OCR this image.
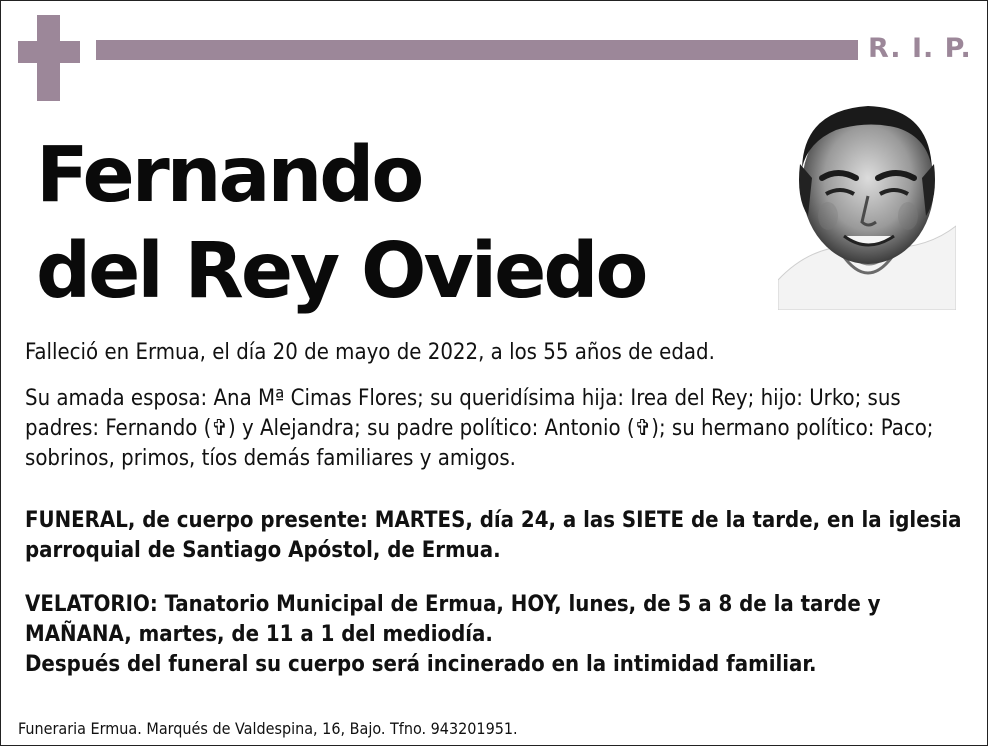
R. I. P.
Fernando
del Rey Oviedo

Falleció en Ermua, el día 20 de mayo de 2022, a los 55 años de edad.

Su amada esposa: Ana Mª Cimas Flores; su queridísima hija: Irea del Rey; hijo: Urko; sus padres: Fernando (✞) y Alejandra; su padre político: Antonio (✞); su hermano político: Paco; sobrinos, primos, tíos demás familiares y amigos.

FUNERAL, de cuerpo presente: MARTES, día 24, a las SIETE de la tarde, en la iglesia parroquial de Santiago Apóstol, de Ermua.

VELATORIO: Tanatorio Municipal de Ermua, HOY, lunes, de 5 a 8 de la tarde y MAÑANA, martes, de 11 a 1 del mediodía.
Después del funeral su cuerpo será incinerado en la intimidad familiar.

Funeraria Ermua. Marqués de Valdespina, 16, Bajo. Tfno. 943201951.
